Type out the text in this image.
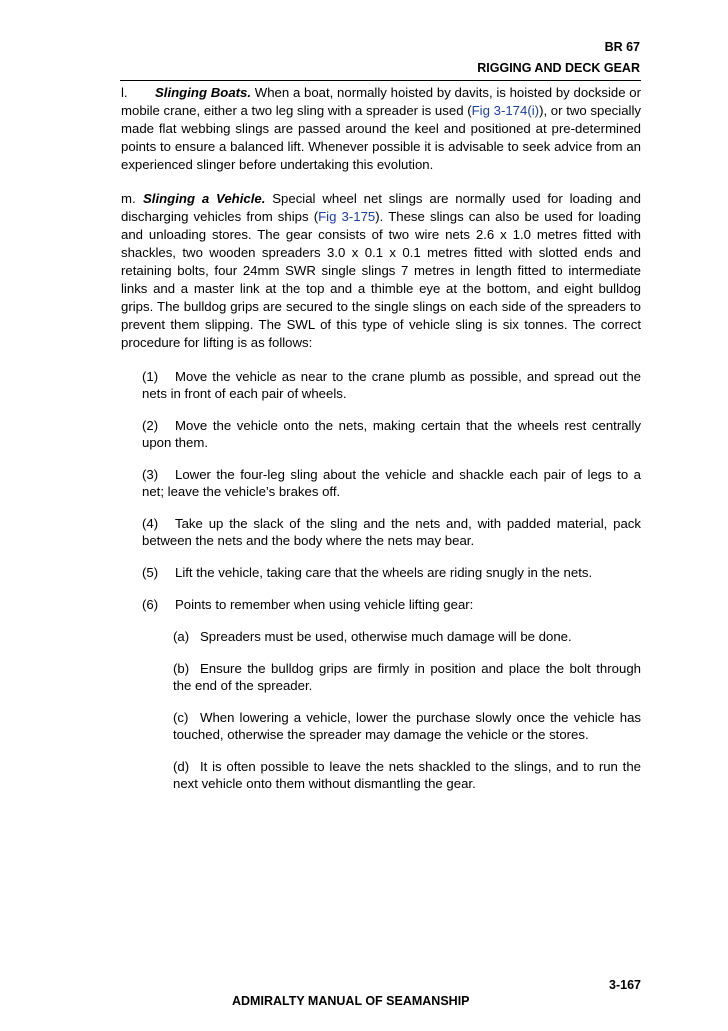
BR 67
RIGGING AND DECK GEAR

l. Slinging Boats. When a boat, normally hoisted by davits, is hoisted by dockside or mobile crane, either a two leg sling with a spreader is used (Fig 3-174(i)), or two specially made flat webbing slings are passed around the keel and positioned at pre-determined points to ensure a balanced lift. Whenever possible it is advisable to seek advice from an experienced slinger before undertaking this evolution.

m. Slinging a Vehicle. Special wheel net slings are normally used for loading and discharging vehicles from ships (Fig 3-175). These slings can also be used for loading and unloading stores. The gear consists of two wire nets 2.6 x 1.0 metres fitted with shackles, two wooden spreaders 3.0 x 0.1 x 0.1 metres fitted with slotted ends and retaining bolts, four 24mm SWR single slings 7 metres in length fitted to intermediate links and a master link at the top and a thimble eye at the bottom, and eight bulldog grips. The bulldog grips are secured to the single slings on each side of the spreaders to prevent them slipping. The SWL of this type of vehicle sling is six tonnes. The correct procedure for lifting is as follows:

(1) Move the vehicle as near to the crane plumb as possible, and spread out the nets in front of each pair of wheels.
(2) Move the vehicle onto the nets, making certain that the wheels rest centrally upon them.
(3) Lower the four-leg sling about the vehicle and shackle each pair of legs to a net; leave the vehicle’s brakes off.
(4) Take up the slack of the sling and the nets and, with padded material, pack between the nets and the body where the nets may bear.
(5) Lift the vehicle, taking care that the wheels are riding snugly in the nets.
(6) Points to remember when using vehicle lifting gear:
(a) Spreaders must be used, otherwise much damage will be done.
(b) Ensure the bulldog grips are firmly in position and place the bolt through the end of the spreader.
(c) When lowering a vehicle, lower the purchase slowly once the vehicle has touched, otherwise the spreader may damage the vehicle or the stores.
(d) It is often possible to leave the nets shackled to the slings, and to run the next vehicle onto them without dismantling the gear.
3-167
ADMIRALTY MANUAL OF SEAMANSHIP
